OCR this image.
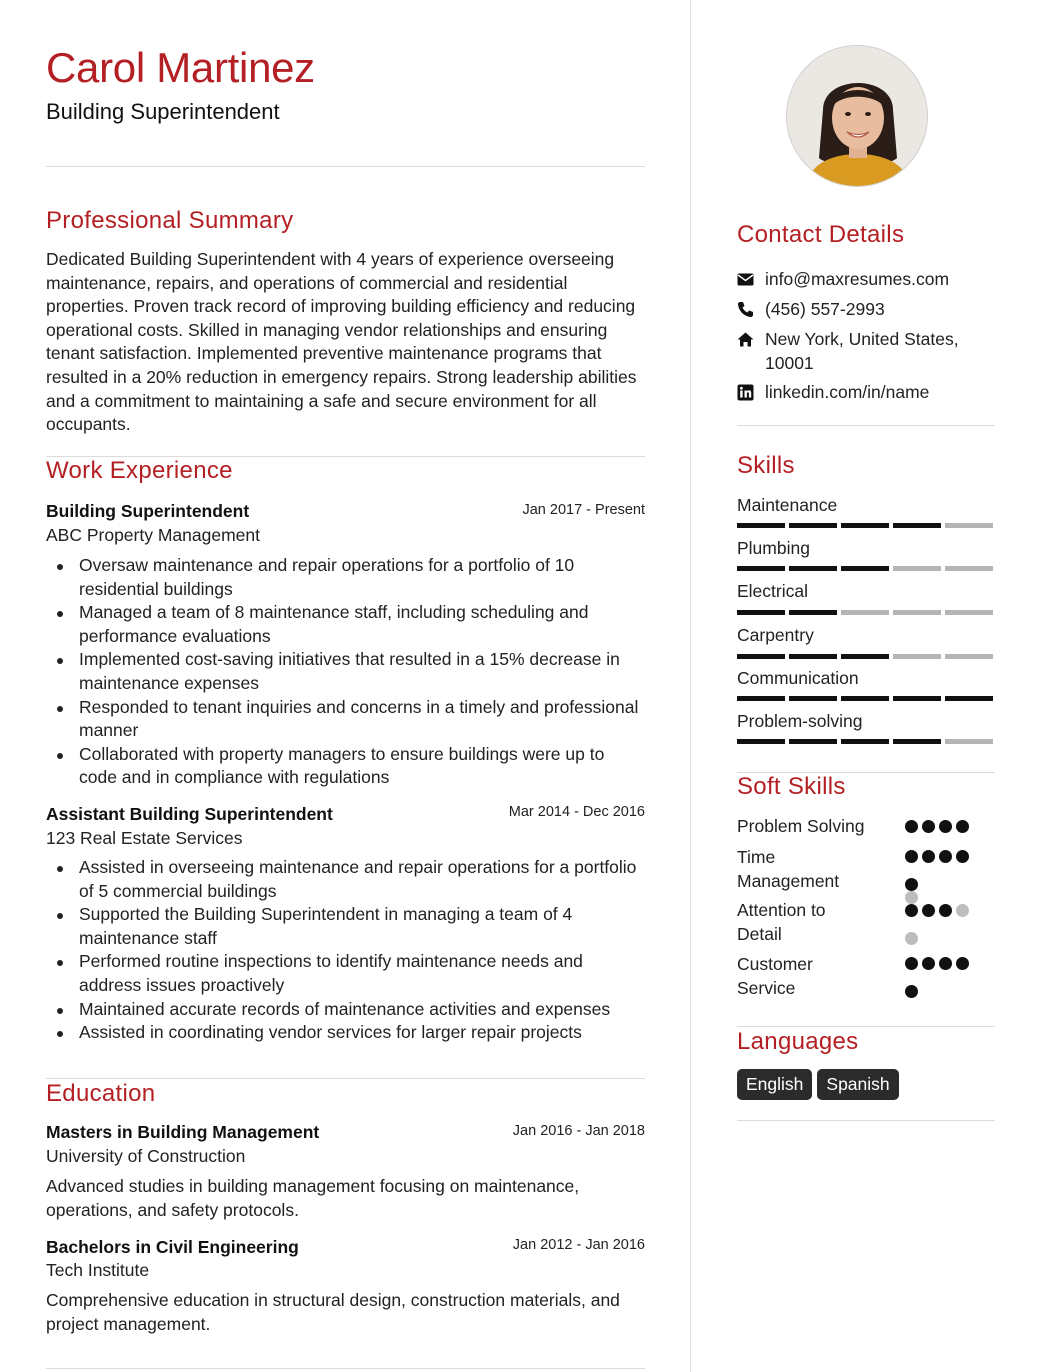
Carol Martinez
Building Superintendent
Professional Summary
Dedicated Building Superintendent with 4 years of experience overseeing maintenance, repairs, and operations of commercial and residential properties. Proven track record of improving building efficiency and reducing operational costs. Skilled in managing vendor relationships and ensuring tenant satisfaction. Implemented preventive maintenance programs that resulted in a 20% reduction in emergency repairs. Strong leadership abilities and a commitment to maintaining a safe and secure environment for all occupants.
Work Experience
Building Superintendent	Jan 2017 - Present
ABC Property Management
Oversaw maintenance and repair operations for a portfolio of 10 residential buildings
Managed a team of 8 maintenance staff, including scheduling and performance evaluations
Implemented cost-saving initiatives that resulted in a 15% decrease in maintenance expenses
Responded to tenant inquiries and concerns in a timely and professional manner
Collaborated with property managers to ensure buildings were up to code and in compliance with regulations
Assistant Building Superintendent	Mar 2014 - Dec 2016
123 Real Estate Services
Assisted in overseeing maintenance and repair operations for a portfolio of 5 commercial buildings
Supported the Building Superintendent in managing a team of 4 maintenance staff
Performed routine inspections to identify maintenance needs and address issues proactively
Maintained accurate records of maintenance activities and expenses
Assisted in coordinating vendor services for larger repair projects
Education
Masters in Building Management	Jan 2016 - Jan 2018
University of Construction
Advanced studies in building management focusing on maintenance, operations, and safety protocols.
Bachelors in Civil Engineering	Jan 2012 - Jan 2016
Tech Institute
Comprehensive education in structural design, construction materials, and project management.
Contact Details
info@maxresumes.com
(456) 557-2993
New York, United States, 10001
linkedin.com/in/name
Skills
Maintenance
Plumbing
Electrical
Carpentry
Communication
Problem-solving
Soft Skills
Problem Solving
Time Management
Attention to Detail
Customer Service
Languages
English Spanish
